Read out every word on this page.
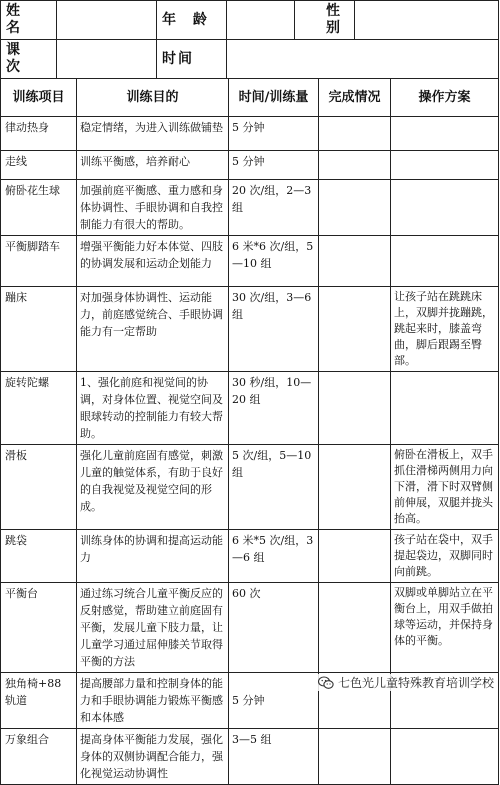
姓 名		年 龄		性 别	
课 次		时间			
训练项目	训练目的	时间/训练量	完成情况	操作方案
律动热身	稳定情绪，为进入训练做铺垫	5 分钟		
走线	训练平衡感，培养耐心	5 分钟		
俯卧花生球	加强前庭平衡感、重力感和身体协调性、手眼协调和自我控制能力有很大的帮助。	20 次/组，2—3 组		
平衡脚踏车	增强平衡能力好本体觉、四肢的协调发展和运动企划能力	6 米*6 次/组，5—10 组		
蹦床	对加强身体协调性、运动能力，前庭感觉统合、手眼协调能力有一定帮助	30 次/组，3—6 组		让孩子站在跳跳床上，双脚并拢蹦跳，跳起来时，膝盖弯曲，脚后跟踢至臀部。
旋转陀螺	1、强化前庭和视觉间的协调，对身体位置、视觉空间及眼球转动的控制能力有较大帮助。	30 秒/组，10—20 组		
滑板	强化儿童前庭固有感觉，刺激儿童的触觉体系，有助于良好的自我视觉及视觉空间的形成。	5 次/组，5—10 组		俯卧在滑板上，双手抓住滑梯两侧用力向下滑，滑下时双臂侧前伸展，双腿并拢头抬高。
跳袋	训练身体的协调和提高运动能力	6 米*5 次/组，3—6 组		孩子站在袋中，双手提起袋边，双脚同时向前跳。
平衡台	通过练习统合儿童平衡反应的反射感觉，帮助建立前庭固有平衡，发展儿童下肢力量，让儿童学习通过屈伸膝关节取得平衡的方法	60 次		双脚或单脚站立在平衡台上，用双手做拍球等运动，并保持身体的平衡。
独角椅+88 轨道	提高腰部力量和控制身体的能力和手眼协调能力锻炼平衡感和本体感	5 分钟		
万象组合	提高身体平衡能力发展，强化身体的双侧协调配合能力，强化视觉运动协调性	3—5 组		
七色光儿童特殊教育培训学校
